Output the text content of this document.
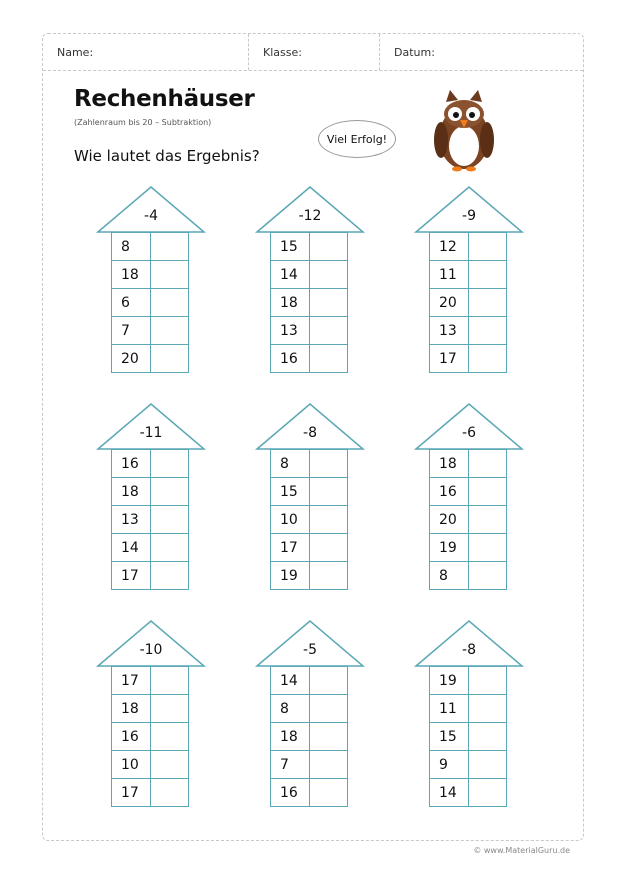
Name:	Klasse:	Datum:
Rechenhäuser
(Zahlenraum bis 20 – Subtraktion)
Wie lautet das Ergebnis?
Viel Erfolg!
-4
8	
18	
6	
7	
20	
-12
15	
14	
18	
13	
16	
-9
12	
11	
20	
13	
17	
-11
16	
18	
13	
14	
17	
-8
8	
15	
10	
17	
19	
-6
18	
16	
20	
19	
8	
-10
17	
18	
16	
10	
17	
-5
14	
8	
18	
7	
16	
-8
19	
11	
15	
9	
14	
© www.MaterialGuru.de
